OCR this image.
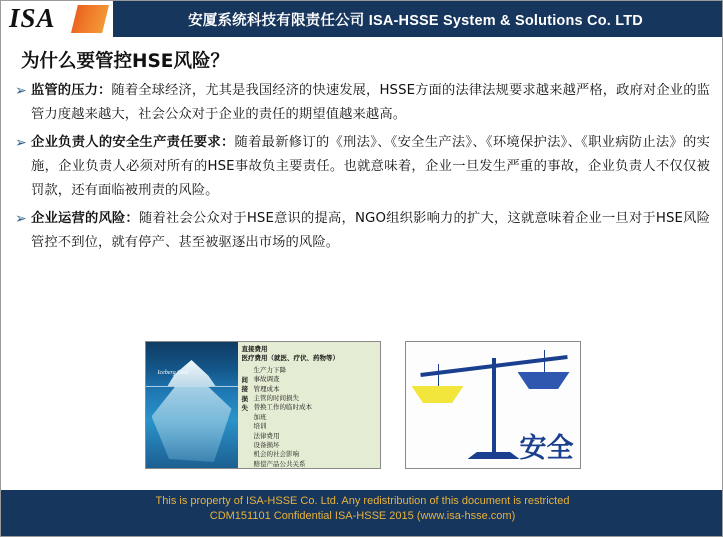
ISA	安厦系统科技有限责任公司 ISA-HSSE System & Solutions Co. LTD
为什么要管控HSE风险？
➢ 监管的压力：随着全球经济，尤其是我国经济的快速发展，HSSE方面的法律法规要求越来越严格，政府对企业的监管力度越来越大，社会公众对于企业的责任的期望值越来越高。
➢ 企业负责人的安全生产责任要求：随着最新修订的《刑法》、《安全生产法》、《环境保护法》、《职业病防止法》的实施，企业负责人必须对所有的HSE事故负主要责任。也就意味着，企业一旦发生严重的事故，企业负责人不仅仅被罚款，还有面临被刑责的风险。
➢ 企业运营的风险：随着社会公众对于HSE意识的提高，NGO组织影响力的扩大，这就意味着企业一旦对于HSE风险管控不到位，就有停产、甚至被驱逐出市场的风险。
Iceberg Cost
直接费用
医疗费用（就医、疗伏、药物等）
间接损失
生产力下降
事故调查
管理成本
主管的时间损失
替换工作的临时成本
加班
培训
法律费用
设备损坏
机会的社会影响
赔偿产品公共关系	安全
This is property of ISA-HSSE Co. Ltd. Any redistribution of this document is restricted
CDM151101 Confidential ISA-HSSE 2015 (www.isa-hsse.com)
